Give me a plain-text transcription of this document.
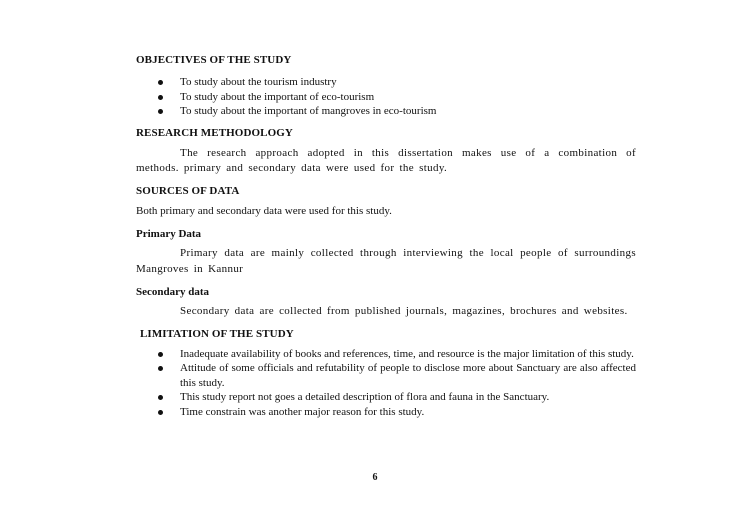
OBJECTIVES OF THE STUDY

To study about the tourism industry
To study about the important of eco-tourism
To study about the important of mangroves in eco-tourism

RESEARCH METHODOLOGY

The research approach adopted in this dissertation makes use of a combination of methods. primary and secondary data were used for the study.

SOURCES OF DATA

Both primary and secondary data were used for this study.

Primary Data

Primary data are mainly collected through interviewing the local people of surroundings Mangroves in Kannur

Secondary data

Secondary data are collected from published journals, magazines, brochures and websites.

LIMITATION OF THE STUDY

Inadequate availability of books and references, time, and resource is the major limitation of this study.
Attitude of some officials and refutability of people to disclose more about Sanctuary are also affected this study.
This study report not goes a detailed description of flora and fauna in the Sanctuary.
Time constrain was another major reason for this study.
6
